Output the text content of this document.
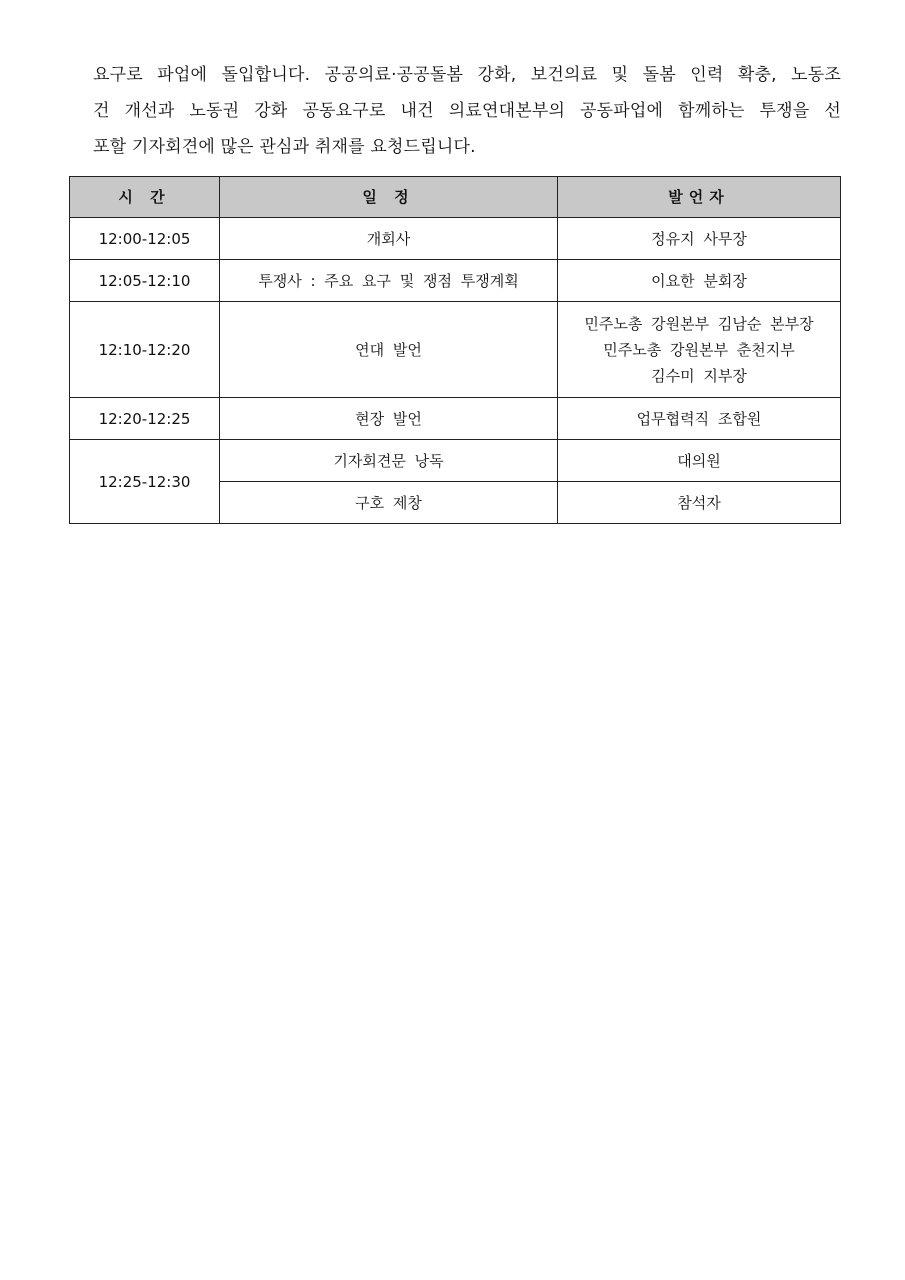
요구로 파업에 돌입합니다. 공공의료·공공돌봄 강화, 보건의료 및 돌봄 인력 확충, 노동조
건 개선과 노동권 강화 공동요구로 내건 의료연대본부의 공동파업에 함께하는 투쟁을 선
포할 기자회견에 많은 관심과 취재를 요청드립니다.
시 간	일 정	발언자
12:00-12:05	개회사	정유지 사무장
12:05-12:10	투쟁사 : 주요 요구 및 쟁점 투쟁계획	이요한 분회장
12:10-12:20	연대 발언	민주노총 강원본부 김남순 본부장
민주노총 강원본부 춘천지부
김수미 지부장

12:20-12:25	현장 발언	업무협력직 조합원
12:25-12:30	기자회견문 낭독	대의원
	구호 제창	참석자
